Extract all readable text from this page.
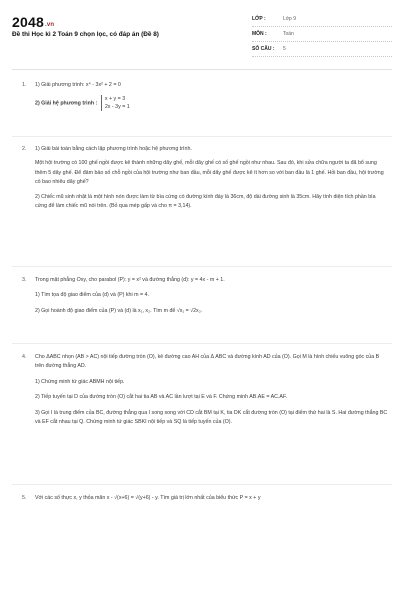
2048.vn
Đề thi Học kì 2 Toán 9 chọn lọc, có đáp án (Đề 8)
LỚP :	Lớp 9
MÔN :	Toán
SỐ CÂU :	5
1. 1) Giải phương trình: x⁴ - 3x² + 2 = 0

2) Giải hệ phương trình : x + y = 3
2x - 3y = 1

2. 1) Giải bài toán bằng cách lập phương trình hoặc hệ phương trình.

Một hội trường có 100 ghế ngồi được kê thành những dãy ghế, mỗi dãy ghế có số ghế ngồi như nhau. Sau đó, khi sửa chữa người ta đã bổ sung thêm 5 dãy ghế. Để đảm bảo số chỗ ngồi của hội trường như ban đầu, mỗi dãy ghế được kê ít hơn so với ban đầu là 1 ghế. Hỏi ban đầu, hội trường có bao nhiêu dãy ghế?

2) Chiếc mũ sinh nhật là một hình nón được làm từ bìa cứng có đường kính đáy là 36cm, độ dài đường sinh là 35cm. Hãy tính diện tích phần bìa cứng để làm chiếc mũ nói trên. (Bỏ qua mép gấp và cho π = 3,14).

3. Trong mặt phẳng Oxy, cho parabol (P): y = x² và đường thẳng (d): y = 4x - m + 1.

1) Tìm tọa độ giao điểm của (d) và (P) khi m = 4.

2) Gọi hoành độ giao điểm của (P) và (d) là x₁, x₂. Tìm m để √x₁ = √2x₂.

4. Cho ΔABC nhọn (AB > AC) nội tiếp đường tròn (O), kẻ đường cao AH của Δ ABC và đường kính AD của (O). Gọi M là hình chiếu vuông góc của B trên đường thẳng AD.

1) Chứng minh tứ giác ABMH nội tiếp.

2) Tiếp tuyến tại D của đường tròn (O) cắt hai tia AB và AC lần lượt tại E và F. Chứng minh AB.AE = AC.AF.

3) Gọi I là trung điểm của BC, đường thẳng qua I song song với CD cắt BM tại K, tia DK cắt đường tròn (O) tại điểm thứ hai là S. Hai đường thẳng BC và EF cắt nhau tại Q. Chứng minh tứ giác SBKI nội tiếp và SQ là tiếp tuyến của (O).

5. Với các số thực x, y thỏa mãn x - √(x+6) = √(y+6) - y. Tìm giá trị lớn nhất của biểu thức P = x + y
